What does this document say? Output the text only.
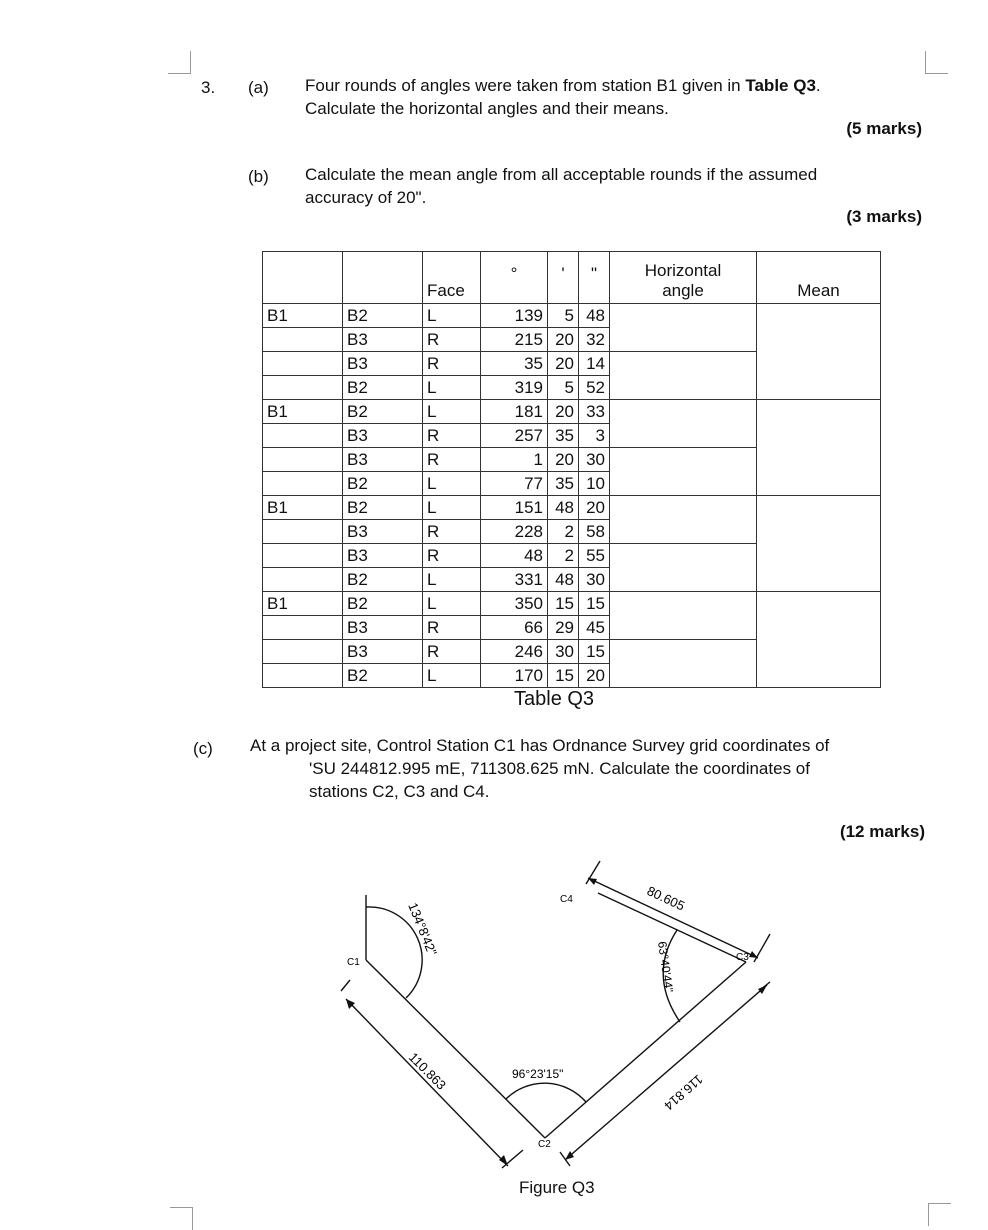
3. (a) Four rounds of angles were taken from station B1 given in Table Q3.
Calculate the horizontal angles and their means.
(5 marks)
(b) Calculate the mean angle from all acceptable rounds if the assumed
accuracy of 20".
(3 marks)
		Face	°	'	"	Horizontal
angle	Mean
B1	B2	L	139	5	48		
	B3	R	215	20	32		
	B3	R	35	20	14		
	B2	L	319	5	52		
B1	B2	L	181	20	33		
	B3	R	257	35	3		
	B3	R	1	20	30		
	B2	L	77	35	10		
B1	B2	L	151	48	20		
	B3	R	228	2	58		
	B3	R	48	2	55		
	B2	L	331	48	30		
B1	B2	L	350	15	15		
	B3	R	66	29	45		
	B3	R	246	30	15		
	B2	L	170	15	20		
Table Q3
(c) At a project site, Control Station C1 has Ordnance Survey grid coordinates of
'SU 244812.995 mE, 711308.625 mN. Calculate the coordinates of
stations C2, C3 and C4.
(12 marks)
C1
C2
C3
C4
134°8'42"
96°23'15"
63°40'44"
110.863	116.814
80.605
Figure Q3
